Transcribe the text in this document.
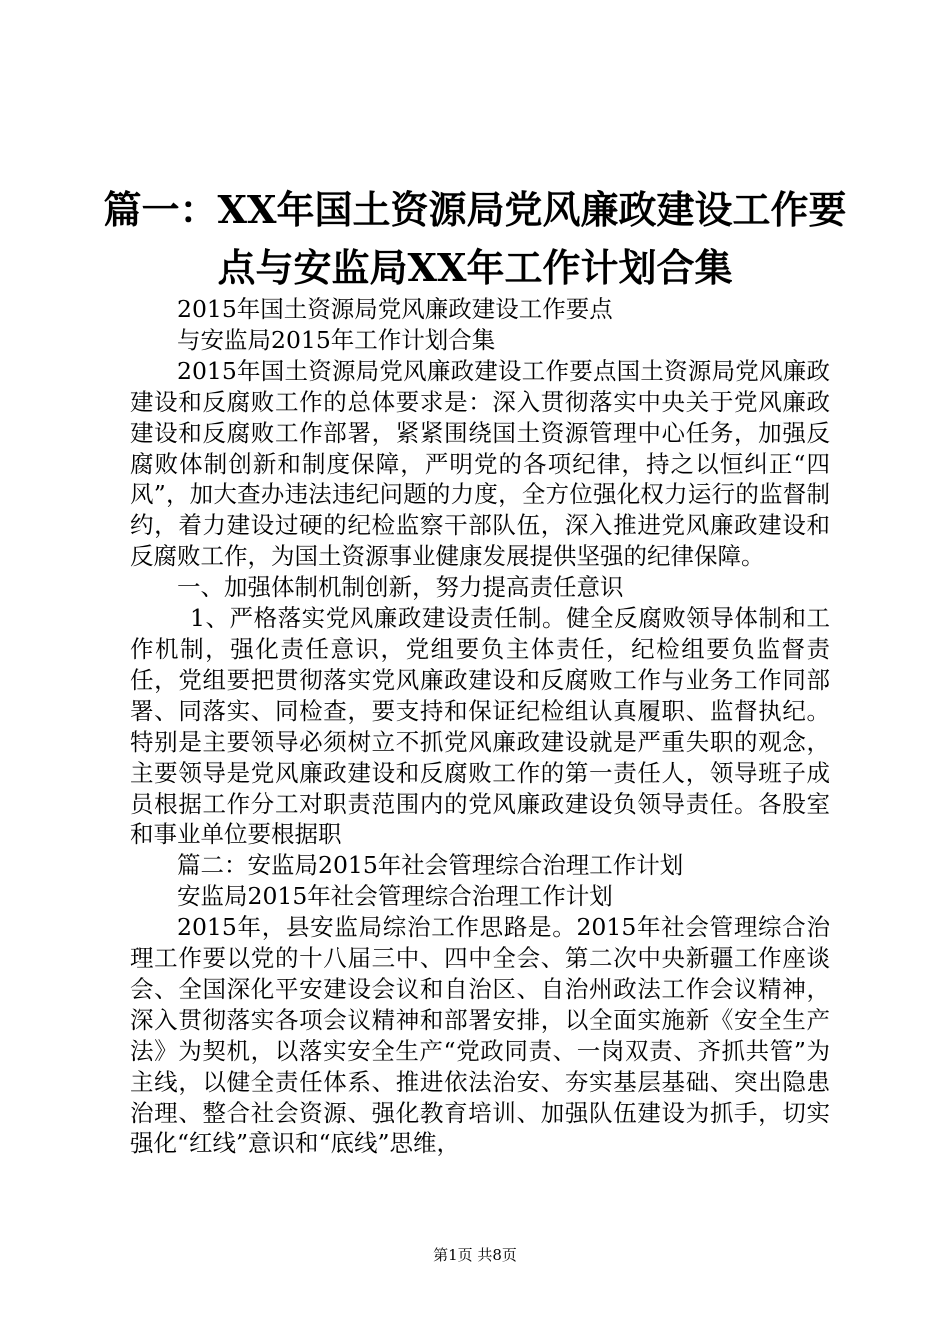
篇一：XX年国土资源局党风廉政建设工作要
点与安监局XX年工作计划合集

2015年国土资源局党风廉政建设工作要点

与安监局2015年工作计划合集

2015年国土资源局党风廉政建设工作要点国土资源局党风廉政建设和反腐败工作的总体要求是：深入贯彻落实中央关于党风廉政建设和反腐败工作部署，紧紧围绕国土资源管理中心任务，加强反腐败体制创新和制度保障，严明党的各项纪律，持之以恒纠正“四风”，加大查办违法违纪问题的力度，全方位强化权力运行的监督制约，着力建设过硬的纪检监察干部队伍，深入推进党风廉政建设和反腐败工作，为国土资源事业健康发展提供坚强的纪律保障。

一、加强体制机制创新，努力提高责任意识

1、严格落实党风廉政建设责任制。健全反腐败领导体制和工作机制，强化责任意识，党组要负主体责任，纪检组要负监督责任，党组要把贯彻落实党风廉政建设和反腐败工作与业务工作同部署、同落实、同检查，要支持和保证纪检组认真履职、监督执纪。特别是主要领导必须树立不抓党风廉政建设就是严重失职的观念，主要领导是党风廉政建设和反腐败工作的第一责任人，领导班子成员根据工作分工对职责范围内的党风廉政建设负领导责任。各股室和事业单位要根据职

篇二：安监局2015年社会管理综合治理工作计划

安监局2015年社会管理综合治理工作计划

2015年，县安监局综治工作思路是。2015年社会管理综合治理工作要以党的十八届三中、四中全会、第二次中央新疆工作座谈会、全国深化平安建设会议和自治区、自治州政法工作会议精神，深入贯彻落实各项会议精神和部署安排，以全面实施新《安全生产法》为契机，以落实安全生产“党政同责、一岗双责、齐抓共管”为主线，以健全责任体系、推进依法治安、夯实基层基础、突出隐患治理、整合社会资源、强化教育培训、加强队伍建设为抓手，切实强化“红线”意识和“底线”思维，

第1页 共8页
